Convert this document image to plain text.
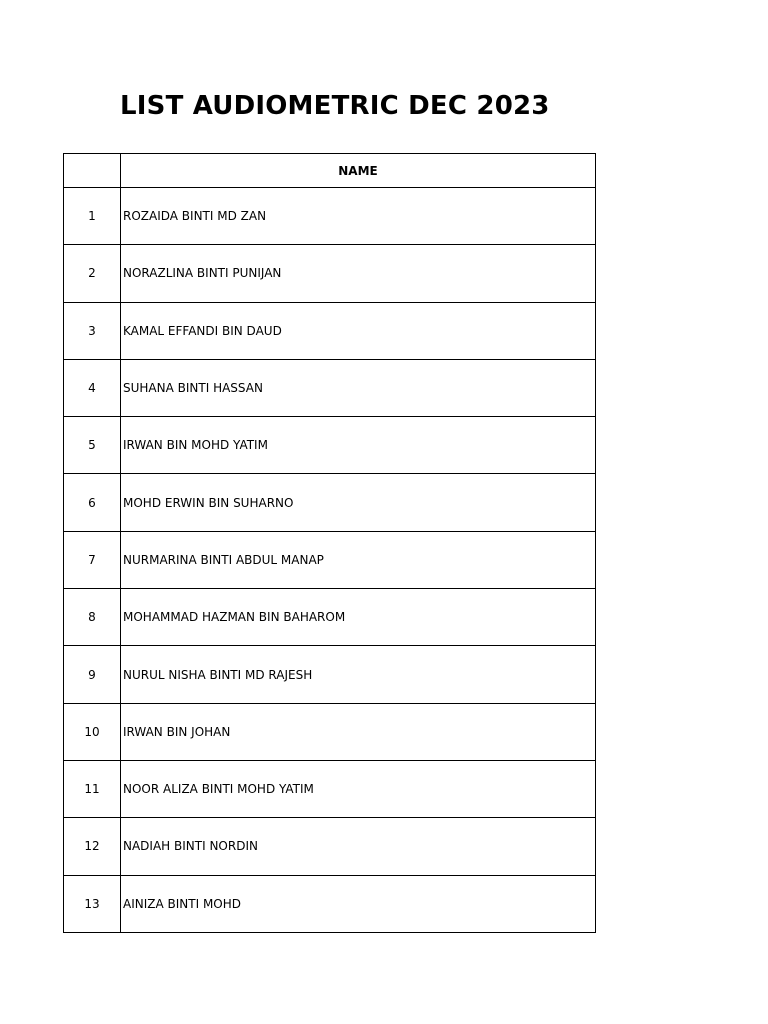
LIST AUDIOMETRIC DEC 2023
	NAME
1	ROZAIDA BINTI MD ZAN
2	NORAZLINA BINTI PUNIJAN
3	KAMAL EFFANDI BIN DAUD
4	SUHANA BINTI HASSAN
5	IRWAN BIN MOHD YATIM
6	MOHD ERWIN BIN SUHARNO
7	NURMARINA BINTI ABDUL MANAP
8	MOHAMMAD HAZMAN BIN BAHAROM
9	NURUL NISHA BINTI MD RAJESH
10	IRWAN BIN JOHAN
11	NOOR ALIZA BINTI MOHD YATIM
12	NADIAH BINTI NORDIN
13	AINIZA BINTI MOHD
